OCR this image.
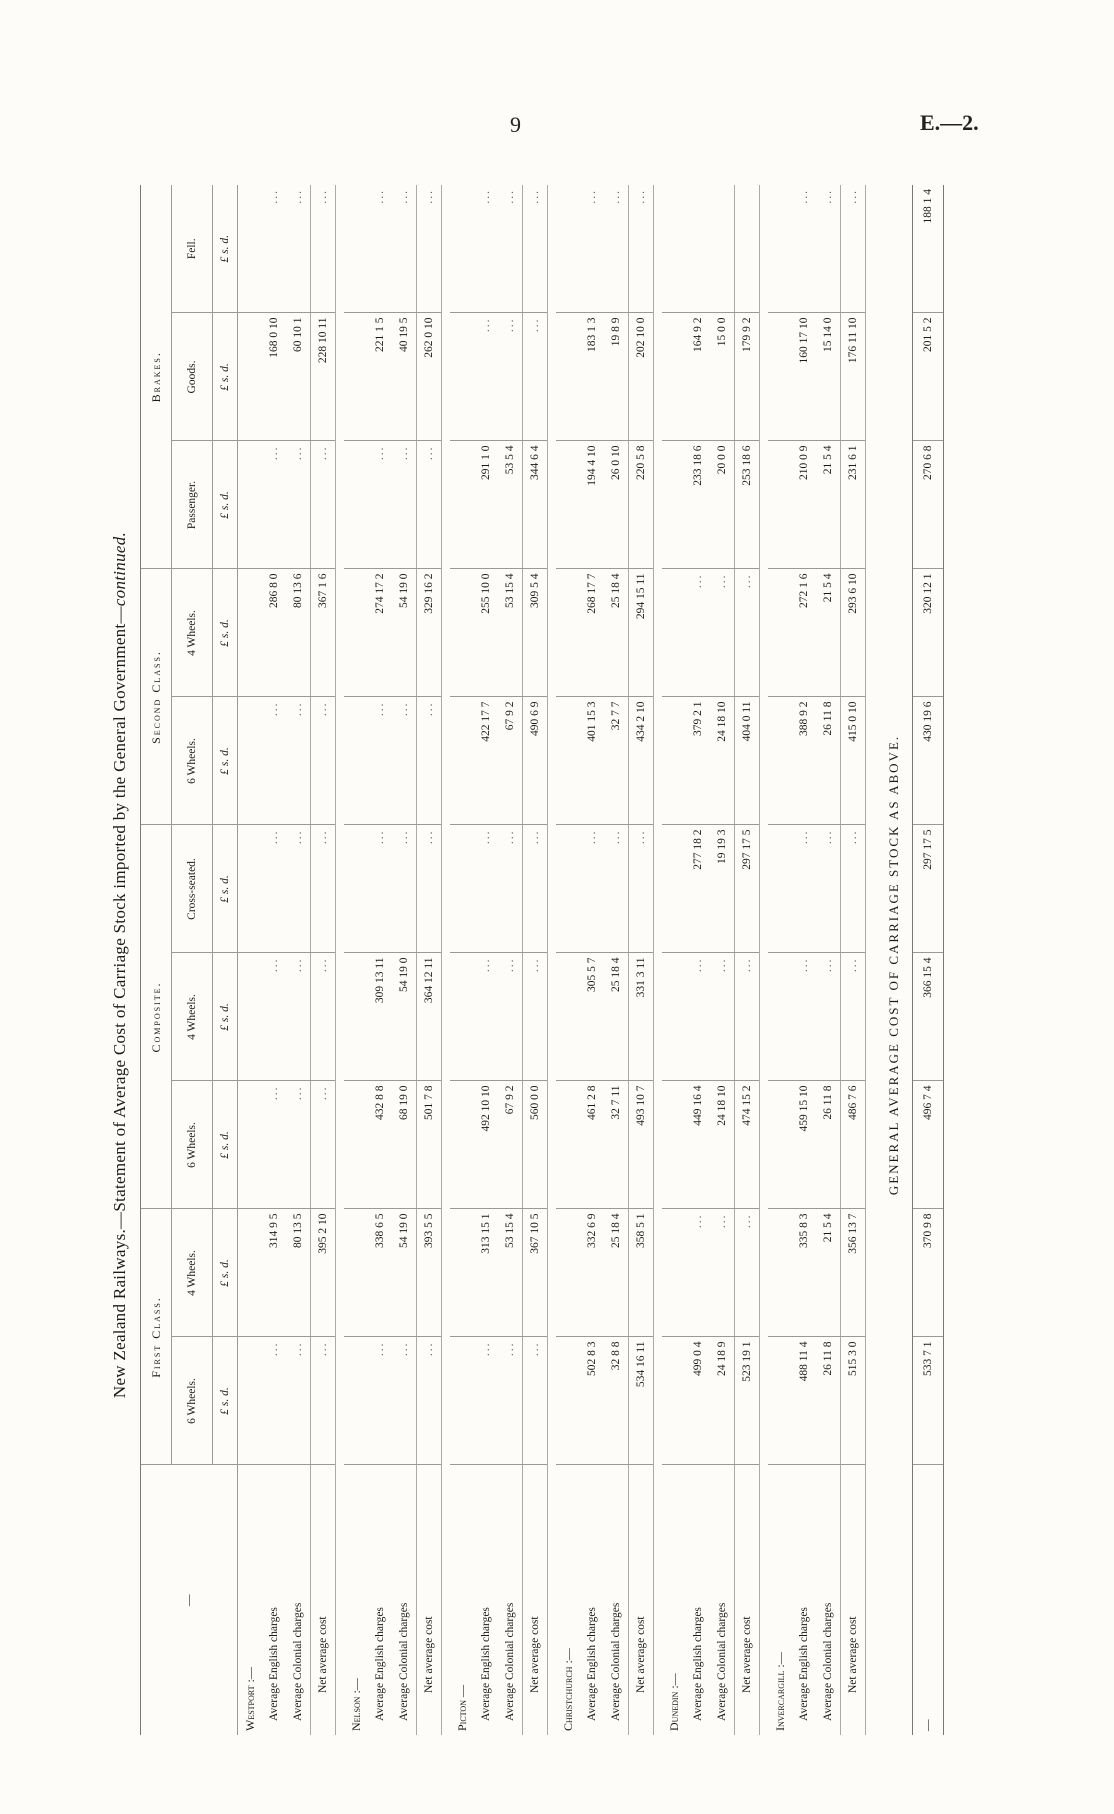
9	E.—2.
New Zealand Railways.—Statement of Average Cost of Carriage Stock imported by the General Government—continued.
—	First Class.		Composite.			Second Class.		Brakes.		
	6 Wheels.	4 Wheels.	6 Wheels.	4 Wheels.	Cross-seated.	6 Wheels.	4 Wheels.	Passenger.	Goods.	Fell.
	£ s. d.	£ s. d.	£ s. d.	£ s. d.	£ s. d.	£ s. d.	£ s. d.	£ s. d.	£ s. d.	£ s. d.
Westport :—										
Average English charges	...	314 9 5	...	...	...	...	286 8 0	...	168 0 10	...
Average Colonial charges	...	80 13 5	...	...	...	...	80 13 6	...	60 10 1	...
Net average cost	...	395 2 10	...	...	...	...	367 1 6	...	228 10 11	...

Nelson :—										
Average English charges	...	338 6 5	432 8 8	309 13 11	...	...	274 17 2	...	221 1 5	...
Average Colonial charges	...	54 19 0	68 19 0	54 19 0	...	...	54 19 0	...	40 19 5	...
Net average cost	...	393 5 5	501 7 8	364 12 11	...	...	329 16 2	...	262 0 10	...

Picton —										
Average English charges	...	313 15 1	492 10 10	...	...	422 17 7	255 10 0	291 1 0	...	...
Average Colonial charges	...	53 15 4	67 9 2	...	...	67 9 2	53 15 4	53 5 4	...	...
Net average cost	...	367 10 5	560 0 0	...	...	490 6 9	309 5 4	344 6 4	...	...

Christchurch :—										
Average English charges	502 8 3	332 6 9	461 2 8	305 5 7	...	401 15 3	268 17 7	194 4 10	183 1 3	...
Average Colonial charges	32 8 8	25 18 4	32 7 11	25 18 4	...	32 7 7	25 18 4	26 0 10	19 8 9	...
Net average cost	534 16 11	358 5 1	493 10 7	331 3 11	...	434 2 10	294 15 11	220 5 8	202 10 0	...

Dunedin :—										
Average English charges	499 0 4	...	449 16 4	...	277 18 2	379 2 1	...	233 18 6	164 9 2	
Average Colonial charges	24 18 9	...	24 18 10	...	19 19 3	24 18 10	...	20 0 0	15 0 0	
Net average cost	523 19 1	...	474 15 2	...	297 17 5	404 0 11	...	253 18 6	179 9 2	

Invercargill :—										
Average English charges	488 11 4	335 8 3	459 15 10	...	...	388 9 2	272 1 6	210 0 9	160 17 10	...
Average Colonial charges	26 11 8	21 5 4	26 11 8	...	...	26 11 8	21 5 4	21 5 4	15 14 0	...
Net average cost	515 3 0	356 13 7	486 7 6	...	...	415 0 10	293 6 10	231 6 1	176 11 10	...

GENERAL AVERAGE COST OF CARRIAGE STOCK AS ABOVE.
—	533 7 1	370 9 8	496 7 4	366 15 4	297 17 5	430 19 6	320 12 1	270 6 8	201 5 2	188 1 4
